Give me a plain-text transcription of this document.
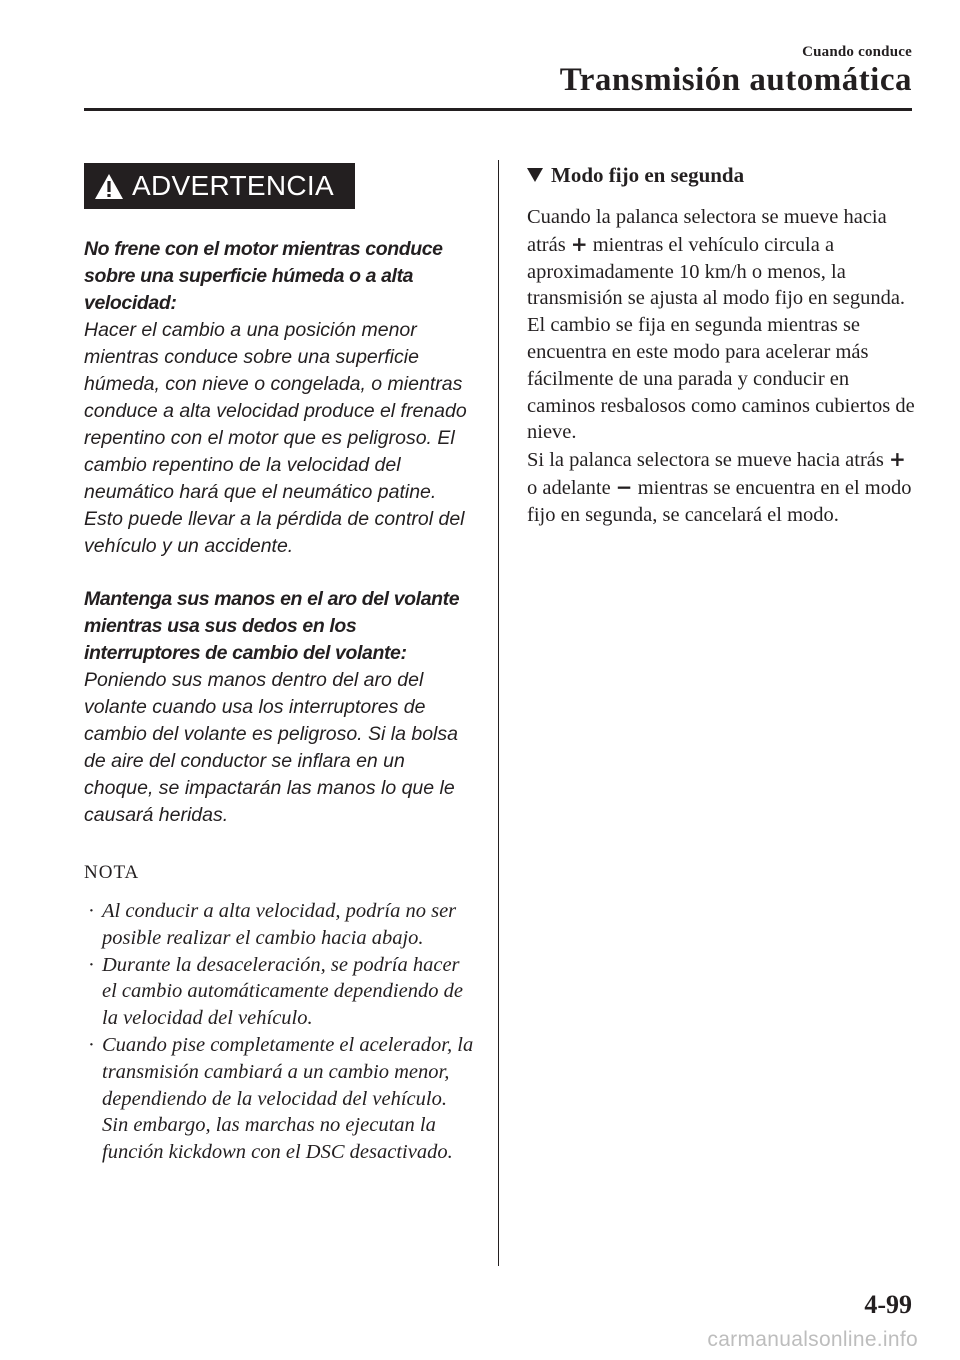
Cuando conduce
Transmisión automática
ADVERTENCIA

No frene con el motor mientras conduce sobre una superficie húmeda o a alta velocidad:

Hacer el cambio a una posición menor mientras conduce sobre una superficie húmeda, con nieve o congelada, o mientras conduce a alta velocidad produce el frenado repentino con el motor que es peligroso. El cambio repentino de la velocidad del neumático hará que el neumático patine. Esto puede llevar a la pérdida de control del vehículo y un accidente.

Mantenga sus manos en el aro del volante mientras usa sus dedos en los interruptores de cambio del volante:

Poniendo sus manos dentro del aro del volante cuando usa los interruptores de cambio del volante es peligroso. Si la bolsa de aire del conductor se inflara en un choque, se impactarán las manos lo que le causará heridas.

NOTA
· Al conducir a alta velocidad, podría no ser posible realizar el cambio hacia abajo.
· Durante la desaceleración, se podría hacer el cambio automáticamente dependiendo de la velocidad del vehículo.
· Cuando pise completamente el acelerador, la transmisión cambiará a un cambio menor, dependiendo de la velocidad del vehículo. Sin embargo, las marchas no ejecutan la función kickdown con el DSC desactivado.
Modo fijo en segunda

Cuando la palanca selectora se mueve hacia atrás + mientras el vehículo circula a aproximadamente 10 km/h o menos, la transmisión se ajusta al modo fijo en segunda. El cambio se fija en segunda mientras se encuentra en este modo para acelerar más fácilmente de una parada y conducir en caminos resbalosos como caminos cubiertos de nieve.

Si la palanca selectora se mueve hacia atrás + o adelante − mientras se encuentra en el modo fijo en segunda, se cancelará el modo.

4-99
carmanualsonline.info
